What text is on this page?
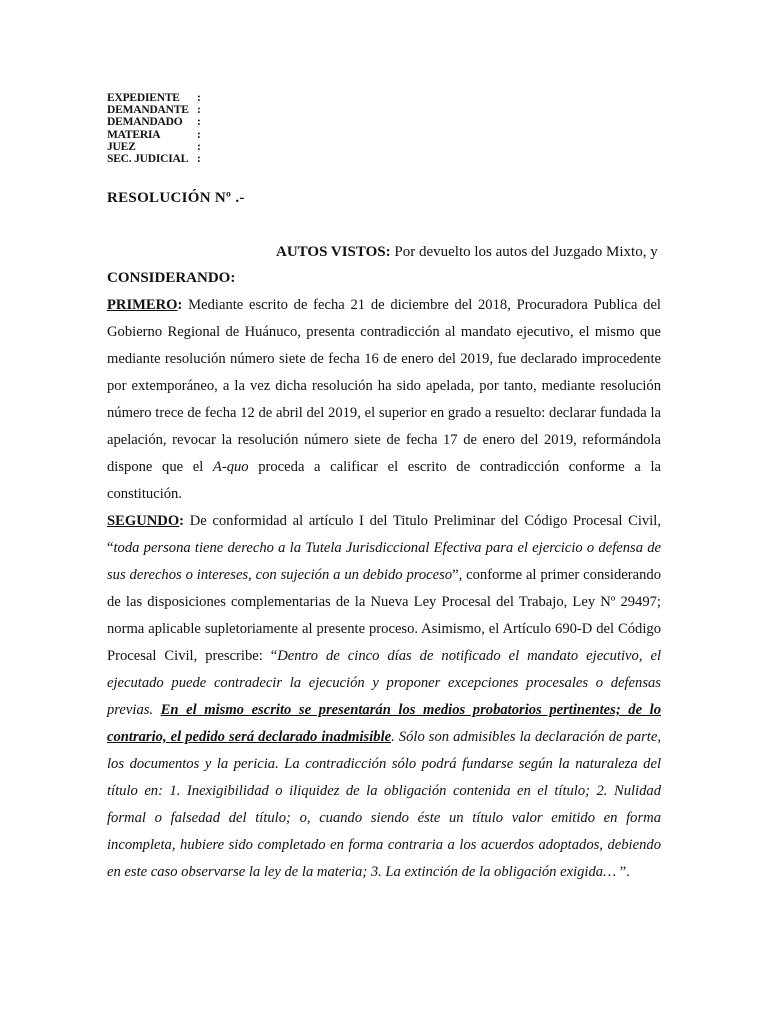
EXPEDIENTE	:
DEMANDANTE :
DEMANDADO	:
MATERIA	:
JUEZ	:
SEC. JUDICIAL :
RESOLUCIÓN Nº .-
AUTOS VISTOS: Por devuelto los autos del Juzgado Mixto, y
CONSIDERANDO:

PRIMERO: Mediante escrito de fecha 21 de diciembre del 2018, Procuradora Publica del Gobierno Regional de Huánuco, presenta contradicción al mandato ejecutivo, el mismo que mediante resolución número siete de fecha 16 de enero del 2019, fue declarado improcedente por extemporáneo, a la vez dicha resolución ha sido apelada, por tanto, mediante resolución número trece de fecha 12 de abril del 2019, el superior en grado a resuelto: declarar fundada la apelación, revocar la resolución número siete de fecha 17 de enero del 2019, reformándola dispone que el A-quo proceda a calificar el escrito de contradicción conforme a la constitución.

SEGUNDO: De conformidad al artículo I del Titulo Preliminar del Código Procesal Civil, “toda persona tiene derecho a la Tutela Jurisdiccional Efectiva para el ejercicio o defensa de sus derechos o intereses, con sujeción a un debido proceso”, conforme al primer considerando de las disposiciones complementarias de la Nueva Ley Procesal del Trabajo, Ley Nº 29497; norma aplicable supletoriamente al presente proceso. Asimismo, el Artículo 690-D del Código Procesal Civil, prescribe: “Dentro de cinco días de notificado el mandato ejecutivo, el ejecutado puede contradecir la ejecución y proponer excepciones procesales o defensas previas. En el mismo escrito se presentarán los medios probatorios pertinentes; de lo contrario, el pedido será declarado inadmisible. Sólo son admisibles la declaración de parte, los documentos y la pericia. La contradicción sólo podrá fundarse según la naturaleza del título en: 1. Inexigibilidad o iliquidez de la obligación contenida en el título; 2. Nulidad formal o falsedad del título; o, cuando siendo éste un título valor emitido en forma incompleta, hubiere sido completado en forma contraria a los acuerdos adoptados, debiendo en este caso observarse la ley de la materia; 3. La extinción de la obligación exigida… ”.
